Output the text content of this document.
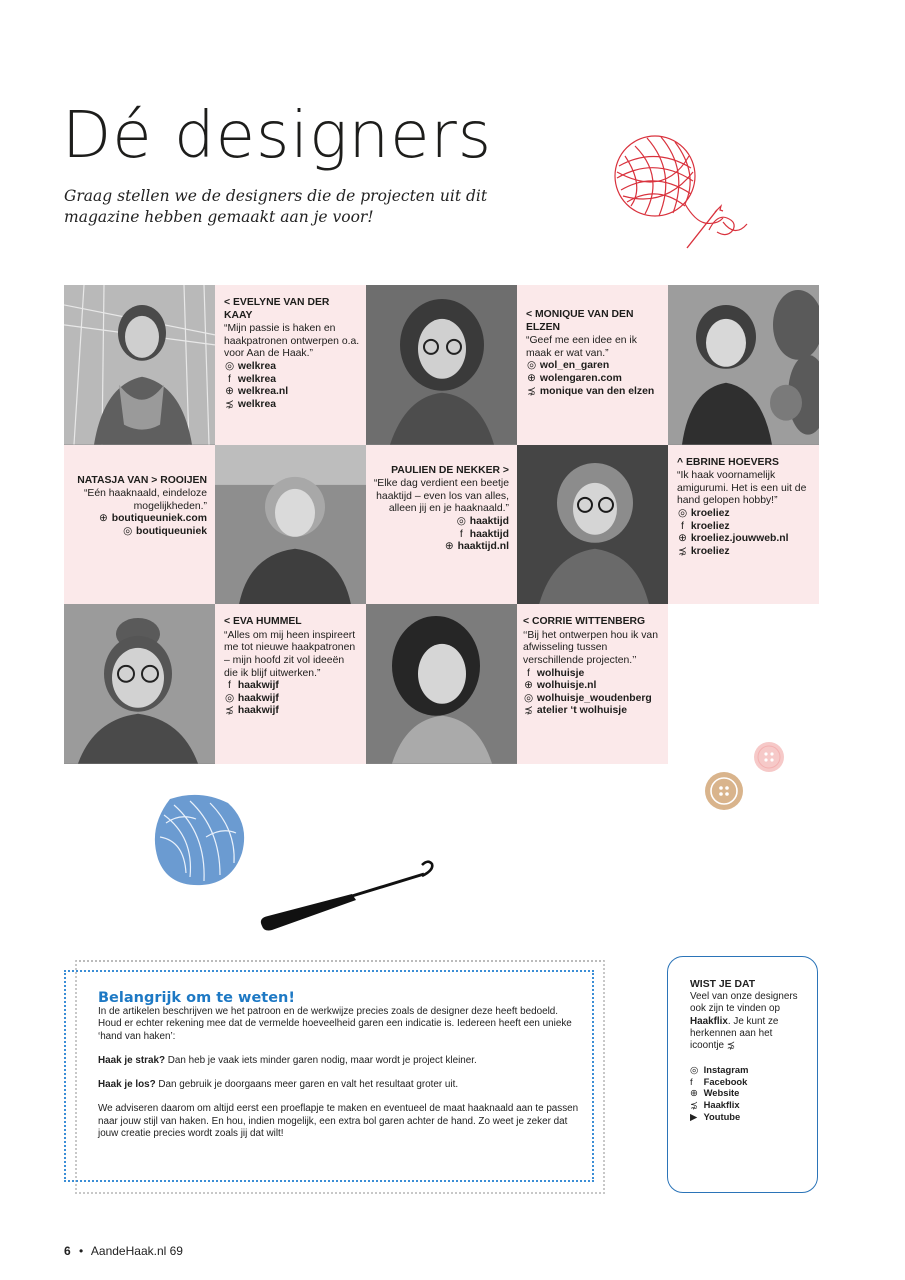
Dé designers
Graag stellen we de designers die de projecten uit dit magazine hebben gemaakt aan je voor!
< EVELYNE VAN DER KAAY
“Mijn passie is haken en haakpatronen ontwerpen o.a. voor Aan de Haak.”
◎ welkrea
f welkrea
⊕ welkrea.nl
⋨ welkrea
< MONIQUE VAN DEN ELZEN
“Geef me een idee en ik maak er wat van.”
◎ wol_en_garen
⊕ wolengaren.com
⋨ monique van den elzen
NATASJA VAN > ROOIJEN
“Eén haaknaald, eindeloze mogelijkheden.”
⊕ boutiqueuniek.com
◎ boutiqueuniek
PAULIEN DE NEKKER >
“Elke dag verdient een beetje haaktijd – even los van alles, alleen jij en je haaknaald.”
◎ haaktijd
f haaktijd
⊕ haaktijd.nl
^ EBRINE HOEVERS
“Ik haak voornamelijk amigurumi. Het is een uit de hand gelopen hobby!”
◎ kroeliez
f kroeliez
⊕ kroeliez.jouwweb.nl
⋨ kroeliez
< EVA HUMMEL
“Alles om mij heen inspireert me tot nieuwe haakpatronen – mijn hoofd zit vol ideeën die ik blijf uitwerken.”
f haakwijf
◎ haakwijf
⋨ haakwijf
< CORRIE WITTENBERG
‘‘Bij het ontwerpen hou ik van afwisseling tussen verschillende projecten.’’
f wolhuisje
⊕ wolhuisje.nl
◎ wolhuisje_woudenberg
⋨ atelier ‘t wolhuisje
Belangrijk om te weten!
In de artikelen beschrijven we het patroon en de werkwijze precies zoals de designer deze heeft bedoeld. Houd er echter rekening mee dat de vermelde hoeveelheid garen een indicatie is. Iedereen heeft een unieke ‘hand van haken’:
Haak je strak? Dan heb je vaak iets minder garen nodig, maar wordt je project kleiner.
Haak je los? Dan gebruik je doorgaans meer garen en valt het resultaat groter uit.
We adviseren daarom om altijd eerst een proeflapje te maken en eventueel de maat haaknaald aan te passen naar jouw stijl van haken. En hou, indien mogelijk, een extra bol garen achter de hand. Zo weet je zeker dat jouw creatie precies wordt zoals jij dat wilt!
WIST JE DAT
Veel van onze designers ook zijn te vinden op Haakflix. Je kunt ze herkennen aan het icoontje ⋨
◎ Instagram
f Facebook
⊕ Website
⋨ Haakflix
▶ Youtube
6 • AandeHaak.nl 69
